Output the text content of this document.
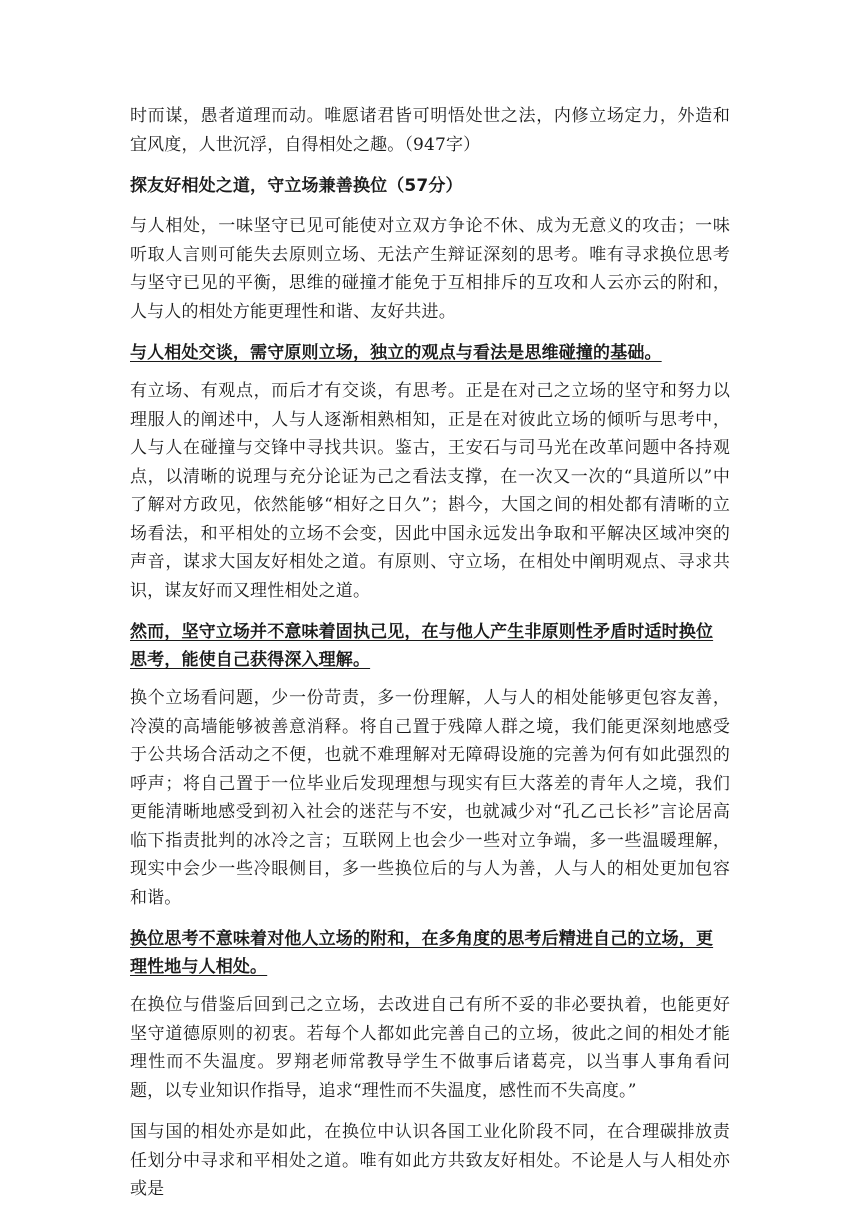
时而谋，愚者道理而动。唯愿诸君皆可明悟处世之法，内修立场定力，外造和宜风度，人世沉浮，自得相处之趣。（947字）

探友好相处之道，守立场兼善换位（57分）

与人相处，一味坚守已见可能使对立双方争论不休、成为无意义的攻击；一味听取人言则可能失去原则立场、无法产生辩证深刻的思考。唯有寻求换位思考与坚守已见的平衡，思维的碰撞才能免于互相排斥的互攻和人云亦云的附和，人与人的相处方能更理性和谐、友好共进。

与人相处交谈，需守原则立场，独立的观点与看法是思维碰撞的基础。

有立场、有观点，而后才有交谈，有思考。正是在对己之立场的坚守和努力以理服人的阐述中，人与人逐渐相熟相知，正是在对彼此立场的倾听与思考中，人与人在碰撞与交锋中寻找共识。鉴古，王安石与司马光在改革问题中各持观点，以清晰的说理与充分论证为己之看法支撑，在一次又一次的“具道所以”中了解对方政见，依然能够“相好之日久”；斟今，大国之间的相处都有清晰的立场看法，和平相处的立场不会变，因此中国永远发出争取和平解决区域冲突的声音，谋求大国友好相处之道。有原则、守立场，在相处中阐明观点、寻求共识，谋友好而又理性相处之道。

然而，坚守立场并不意味着固执己见，在与他人产生非原则性矛盾时适时换位思考，能使自己获得深入理解。

换个立场看问题，少一份苛责，多一份理解，人与人的相处能够更包容友善，冷漠的高墙能够被善意消释。将自己置于残障人群之境，我们能更深刻地感受于公共场合活动之不便，也就不难理解对无障碍设施的完善为何有如此强烈的呼声；将自己置于一位毕业后发现理想与现实有巨大落差的青年人之境，我们更能清晰地感受到初入社会的迷茫与不安，也就减少对“孔乙己长衫”言论居高临下指责批判的冰冷之言；互联网上也会少一些对立争端，多一些温暖理解，现实中会少一些冷眼侧目，多一些换位后的与人为善，人与人的相处更加包容和谐。

换位思考不意味着对他人立场的附和，在多角度的思考后精进自己的立场，更理性地与人相处。

在换位与借鉴后回到己之立场，去改进自己有所不妥的非必要执着，也能更好坚守道德原则的初衷。若每个人都如此完善自己的立场，彼此之间的相处才能理性而不失温度。罗翔老师常教导学生不做事后诸葛亮，以当事人事角看问题，以专业知识作指导，追求“理性而不失温度，感性而不失高度。”

国与国的相处亦是如此，在换位中认识各国工业化阶段不同，在合理碳排放责任划分中寻求和平相处之道。唯有如此方共致友好相处。不论是人与人相处亦或是
